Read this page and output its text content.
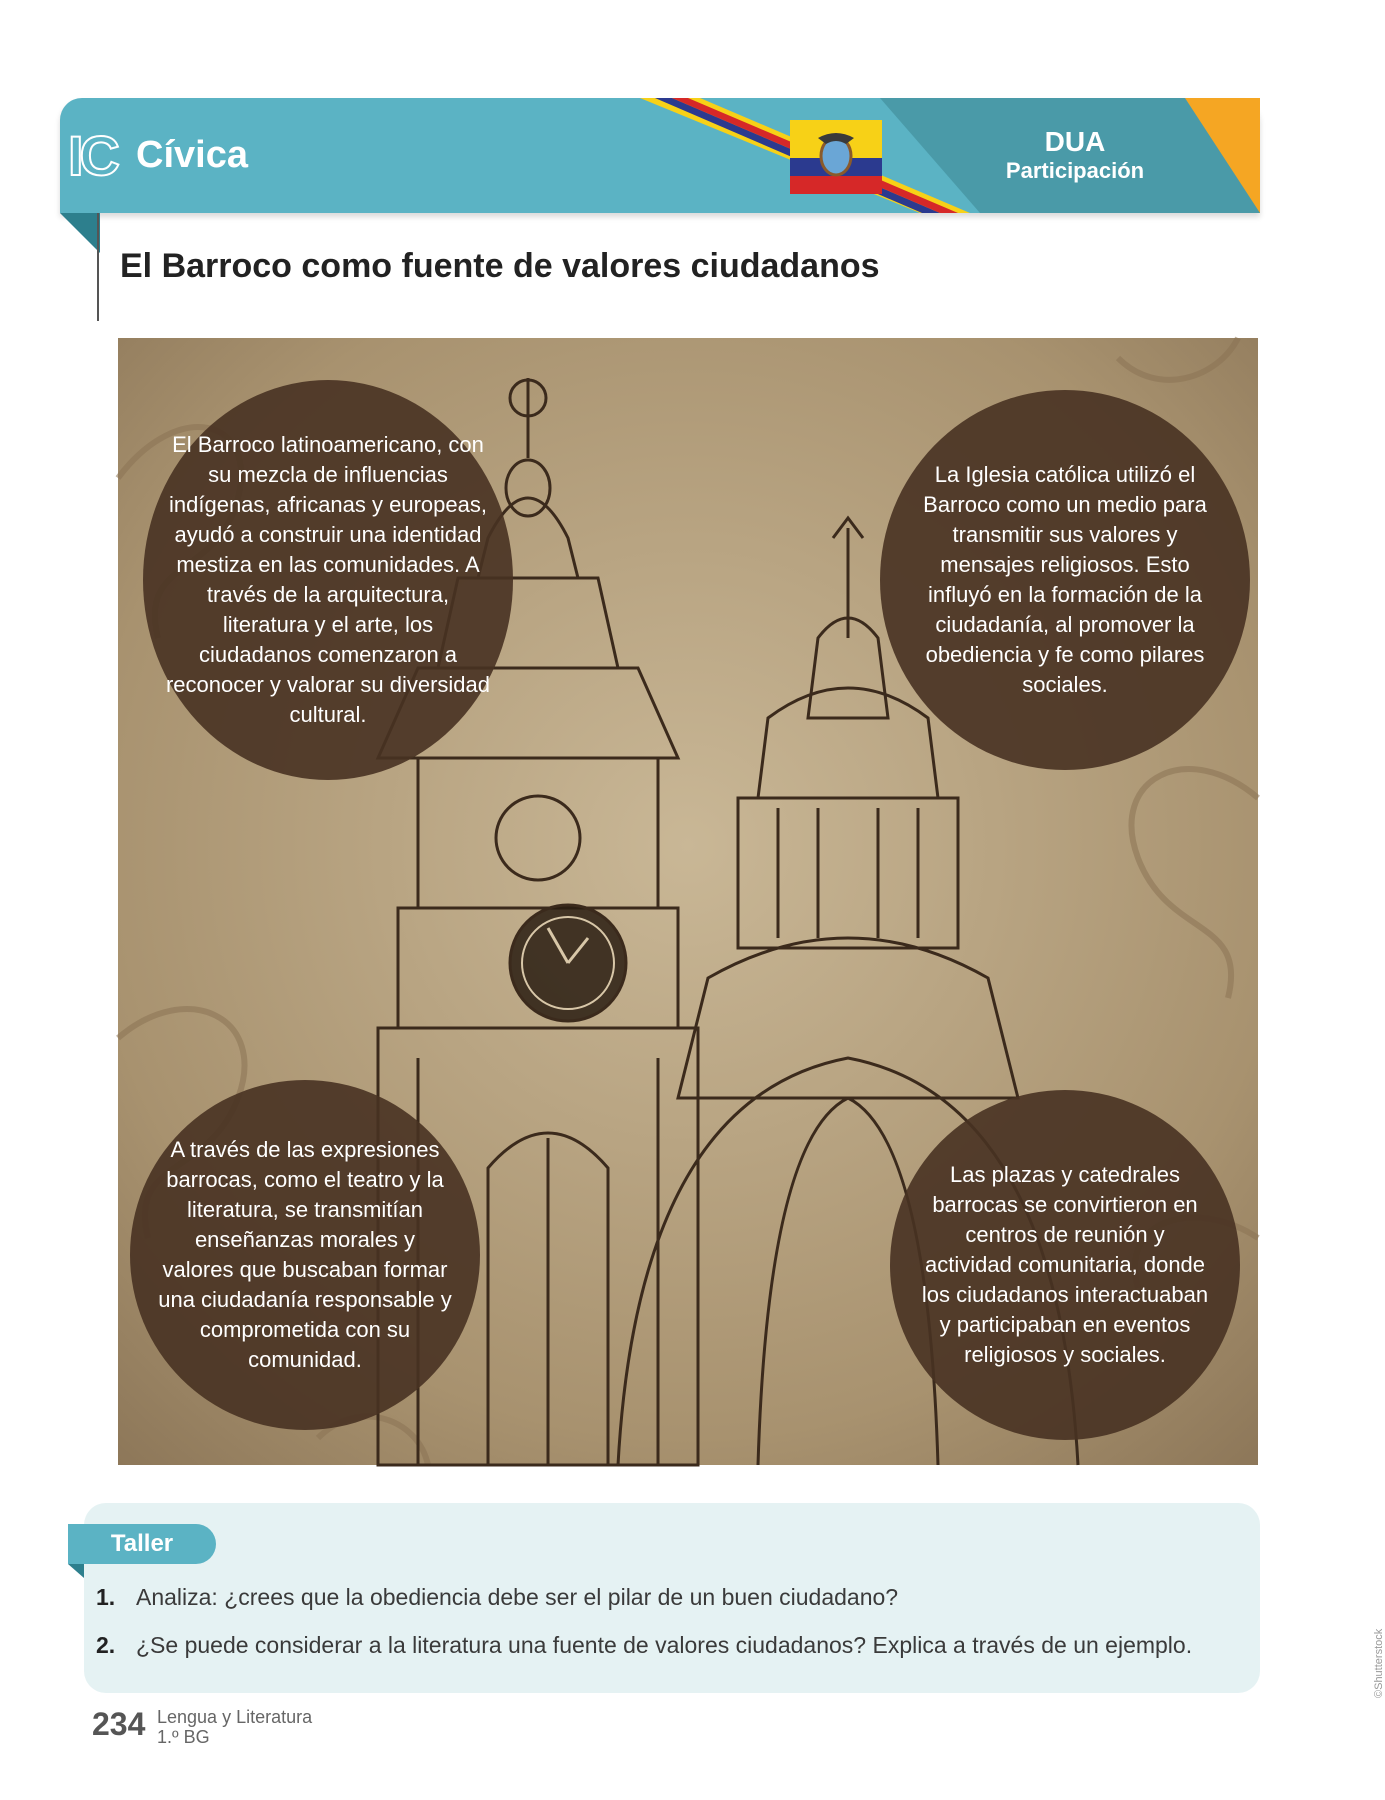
IC Cívica	DUA
Participación
El Barroco como fuente de valores ciudadanos
©Shutterstock

El Barroco latinoamericano, con su mezcla de influencias indígenas, africanas y europeas, ayudó a construir una identidad mestiza en las comunidades. A través de la arquitectura, literatura y el arte, los ciudadanos comenzaron a reconocer y valorar su diversidad cultural.

La Iglesia católica utilizó el Barroco como un medio para transmitir sus valores y mensajes religiosos. Esto influyó en la formación de la ciudadanía, al promover la obediencia y fe como pilares sociales.

A través de las expresiones barrocas, como el teatro y la literatura, se transmitían enseñanzas morales y valores que buscaban formar una ciudadanía responsable y comprometida con su comunidad.

Las plazas y catedrales barrocas se convirtieron en centros de reunión y actividad comunitaria, donde los ciudadanos interactuaban y participaban en eventos religiosos y sociales.

Taller
1. Analiza: ¿crees que la obediencia debe ser el pilar de un buen ciudadano?
2. ¿Se puede considerar a la literatura una fuente de valores ciudadanos? Explica a través de un ejemplo.
234 Lengua y Literatura
1.º BG
